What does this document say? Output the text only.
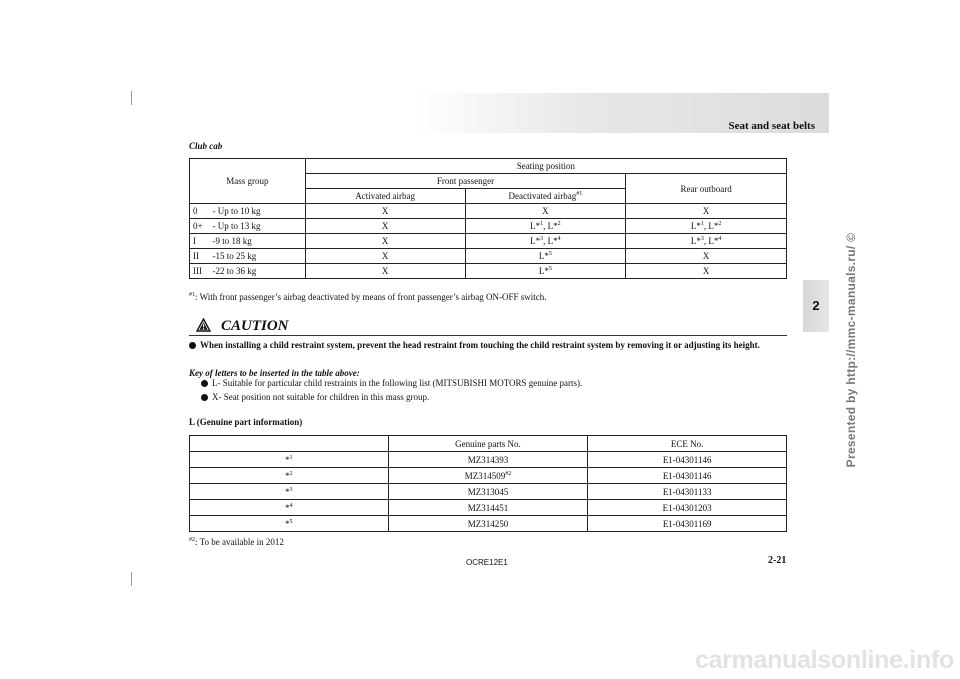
Seat and seat belts
2	Presented by http://mmc-manuals.ru/ ©
carmanualsonline.info
Club cab
Mass group		Seating position		
		Front passenger		Rear outboard
		Activated airbag	Deactivated airbag$^{\#1}$
0	- Up to 10 kg	X	X	X
0+	- Up to 13 kg	X	L*$^1$, L*$^2$	L*$^1$, L*$^2$
I	-9 to 18 kg	X	L*$^3$, L*$^4$	L*$^3$, L*$^4$
II	-15 to 25 kg	X	L*$^5$	X
III	-22 to 36 kg	X	L*$^5$	X
$^{\#1}$: With front passenger’s airbag deactivated by means of front passenger’s airbag ON-OFF switch.
CAUTION
When installing a child restraint system, prevent the head restraint from touching the child restraint system by removing it or adjusting its height.
Key of letters to be inserted in the table above:
L- Suitable for particular child restraints in the following list (MITSUBISHI MOTORS genuine parts).
X- Seat position not suitable for children in this mass group.
L (Genuine part information)
	Genuine parts No.	ECE No.
*$^1$	MZ314393	E1-04301146
*$^2$	MZ314509$^{\#2}$	E1-04301146
*$^3$	MZ313045	E1-04301133
*$^4$	MZ314451	E1-04301203
*$^5$	MZ314250	E1-04301169
$^{\#2}$: To be available in 2012
OCRE12E1	2-21
